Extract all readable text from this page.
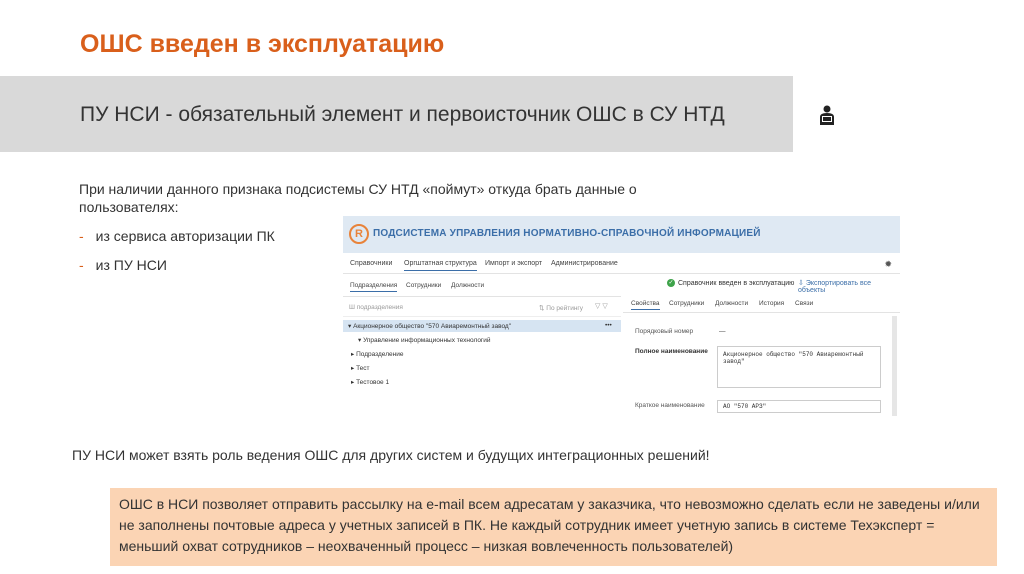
ОШС введен в эксплуатацию
ПУ НСИ - обязательный элемент и первоисточник ОШС в СУ НТД
При наличии данного признака подсистемы СУ НТД «поймут» откуда брать данные о пользователях:
- из сервиса авторизации ПК
- из ПУ НСИ
R	ПОДСИСТЕМА УПРАВЛЕНИЯ НОРМАТИВНО-СПРАВОЧНОЙ ИНФОРМАЦИЕЙ
Справочники Оргштатная структура Импорт и экспорт Администрирование	✹
Подразделения Сотрудники Должности	✓ Справочник введен в эксплуатацию ⇩ Экспортировать все объекты
Ш подразделения	⇅ По рейтингу ▽ ▽
▾ Акционерное общество "570 Авиаремонтный завод"	•••
▾ Управление информационных технологий
▸ Подразделение
▸ Тест
▸ Тестовое 1
Свойства Сотрудники Должности История Связи
Порядковый номер	—
Полное наименование	Акционерное общество "570 Авиаремонтный завод"
Краткое наименование	АО "570 АРЗ"
ПУ НСИ может взять роль ведения ОШС для других систем и будущих интеграционных решений!
ОШС в НСИ позволяет отправить рассылку на e-mail всем адресатам у заказчика, что невозможно сделать если не заведены и/или не заполнены почтовые адреса у учетных записей в ПК. Не каждый сотрудник имеет учетную запись в системе Техэксперт = меньший охват сотрудников – неохваченный процесс – низкая вовлеченность пользователей)
